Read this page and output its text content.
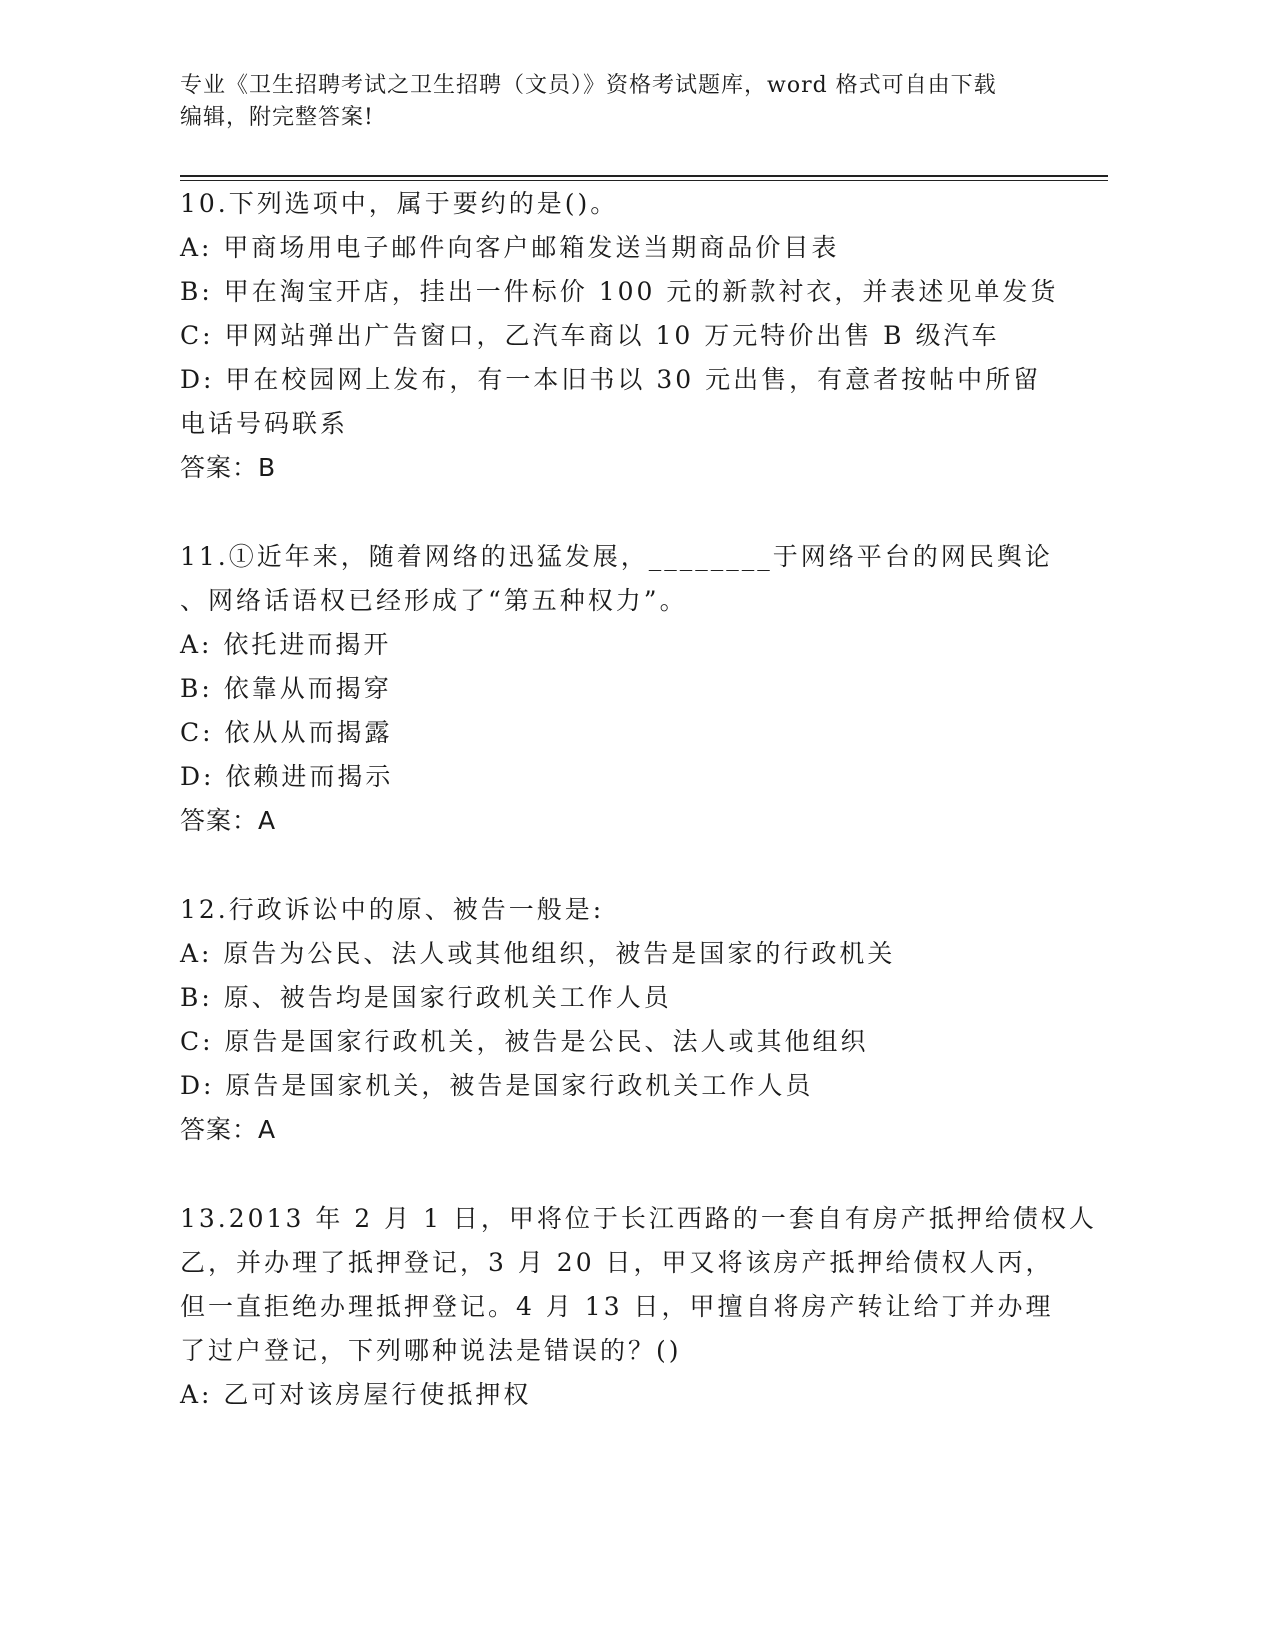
专业《卫生招聘考试之卫生招聘（文员）》资格考试题库，word 格式可自由下载
编辑，附完整答案!
10.下列选项中，属于要约的是()。
A: 甲商场用电子邮件向客户邮箱发送当期商品价目表
B: 甲在淘宝开店，挂出一件标价 100 元的新款衬衣，并表述见单发货
C: 甲网站弹出广告窗口，乙汽车商以 10 万元特价出售 B 级汽车
D: 甲在校园网上发布，有一本旧书以 30 元出售，有意者按帖中所留
电话号码联系
答案：B
11.①近年来，随着网络的迅猛发展，________于网络平台的网民舆论
、网络话语权已经形成了“第五种权力”。
A: 依托进而揭开
B: 依靠从而揭穿
C: 依从从而揭露
D: 依赖进而揭示
答案：A
12.行政诉讼中的原、被告一般是:
A: 原告为公民、法人或其他组织，被告是国家的行政机关
B: 原、被告均是国家行政机关工作人员
C: 原告是国家行政机关，被告是公民、法人或其他组织
D: 原告是国家机关，被告是国家行政机关工作人员
答案：A
13.2013 年 2 月 1 日，甲将位于长江西路的一套自有房产抵押给债权人
乙，并办理了抵押登记，3 月 20 日，甲又将该房产抵押给债权人丙，
但一直拒绝办理抵押登记。4 月 13 日，甲擅自将房产转让给丁并办理
了过户登记，下列哪种说法是错误的？()
A: 乙可对该房屋行使抵押权
